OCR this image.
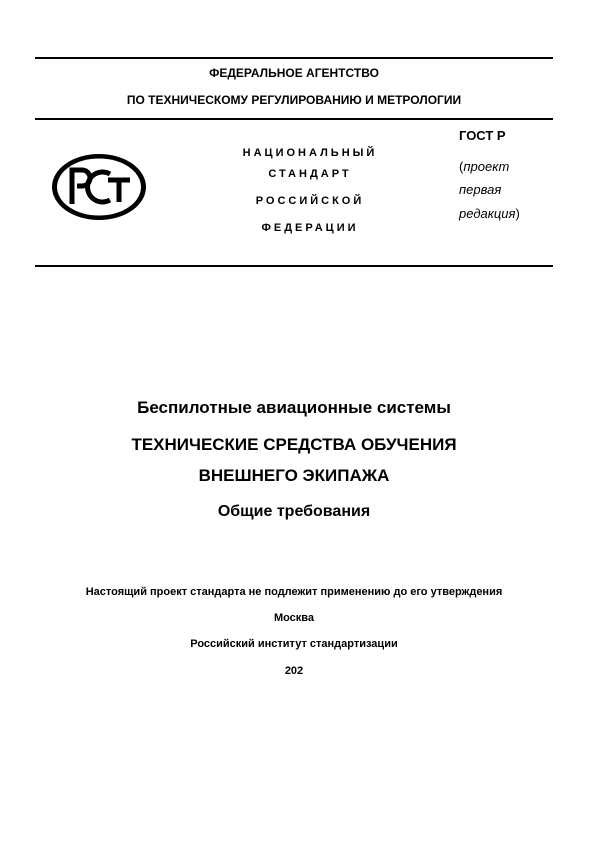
ФЕДЕРАЛЬНОЕ АГЕНТСТВО
ПО ТЕХНИЧЕСКОМУ РЕГУЛИРОВАНИЮ И МЕТРОЛОГИИ
НАЦИОНАЛЬНЫЙ
СТАНДАРТ
РОССИЙСКОЙ
ФЕДЕРАЦИИ
ГОСТ Р
(проект
первая
редакция)
Беспилотные авиационные системы
ТЕХНИЧЕСКИЕ СРЕДСТВА ОБУЧЕНИЯ
ВНЕШНЕГО ЭКИПАЖА
Общие требования
Настоящий проект стандарта не подлежит применению до его утверждения
Москва
Российский институт стандартизации
202
